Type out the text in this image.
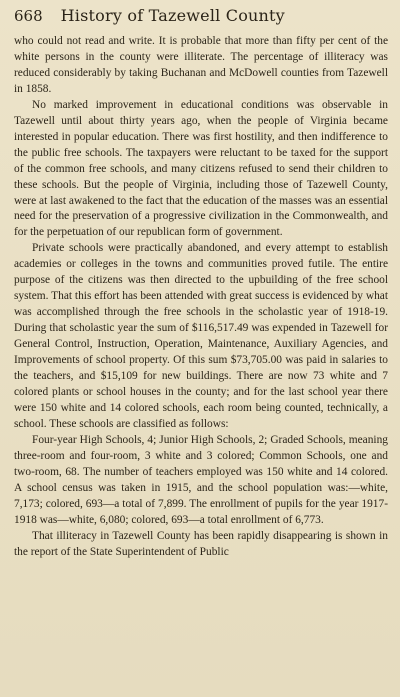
668 History of Tazewell County

who could not read and write. It is probable that more than fifty per cent of the white persons in the county were illiterate. The percentage of illiteracy was reduced considerably by taking Buchanan and McDowell counties from Tazewell in 1858.

No marked improvement in educational conditions was observable in Tazewell until about thirty years ago, when the people of Virginia became interested in popular education. There was first hostility, and then indifference to the public free schools. The taxpayers were reluctant to be taxed for the support of the common free schools, and many citizens refused to send their children to these schools. But the people of Virginia, including those of Tazewell County, were at last awakened to the fact that the education of the masses was an essential need for the preservation of a progressive civilization in the Commonwealth, and for the perpetuation of our republican form of government.

Private schools were practically abandoned, and every attempt to establish academies or colleges in the towns and communities proved futile. The entire purpose of the citizens was then directed to the upbuilding of the free school system. That this effort has been attended with great success is evidenced by what was accomplished through the free schools in the scholastic year of 1918-19. During that scholastic year the sum of $116,517.49 was expended in Tazewell for General Control, Instruction, Operation, Maintenance, Auxiliary Agencies, and Improvements of school property. Of this sum $73,705.00 was paid in salaries to the teachers, and $15,109 for new buildings. There are now 73 white and 7 colored plants or school houses in the county; and for the last school year there were 150 white and 14 colored schools, each room being counted, technically, a school. These schools are classified as follows:

Four-year High Schools, 4; Junior High Schools, 2; Graded Schools, meaning three-room and four-room, 3 white and 3 colored; Common Schools, one and two-room, 68. The number of teachers employed was 150 white and 14 colored. A school census was taken in 1915, and the school population was:—white, 7,173; colored, 693—a total of 7,899. The enrollment of pupils for the year 1917-1918 was—white, 6,080; colored, 693—a total enrollment of 6,773.

That illiteracy in Tazewell County has been rapidly disappearing is shown in the report of the State Superintendent of Public
